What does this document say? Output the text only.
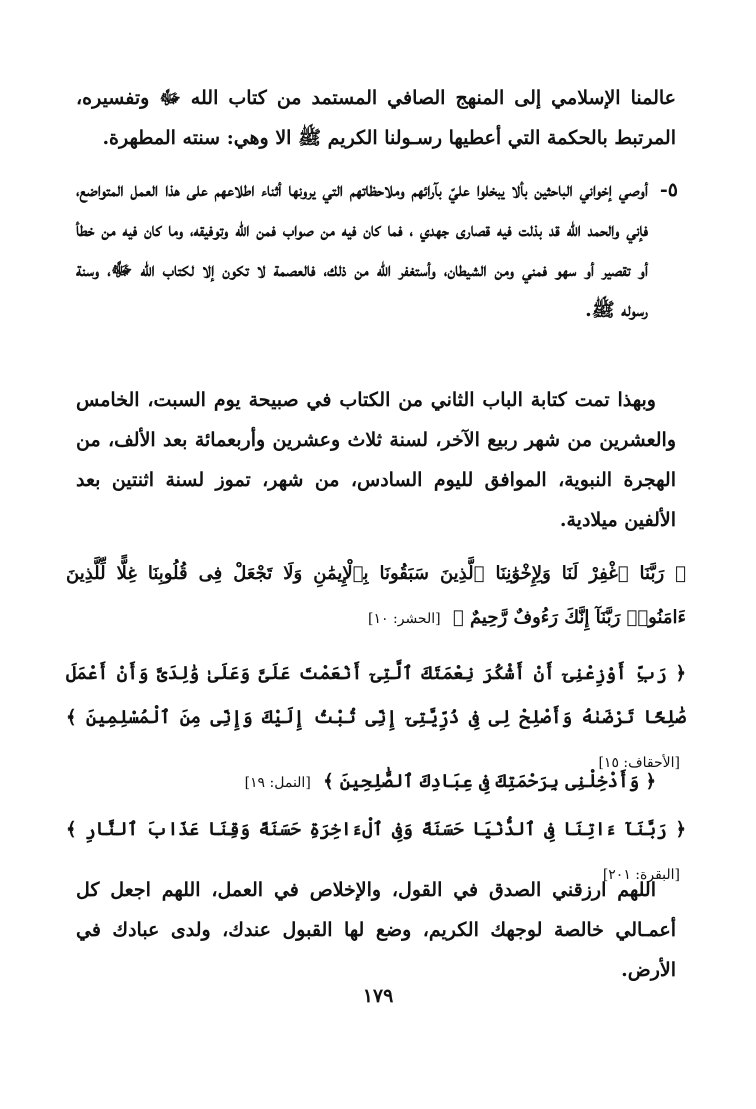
عالمنا الإسلامي إلى المنهج الصافي المستمد من كتاب الله ﷻ وتفسيره، المرتبط بالحكمة التي أعطيها رسـولنا الكريم ﷺ الا وهي: سنته المطهرة.

٥-

أوصي إخواني الباحثين بألا يبخلوا عليّ بآرائهم وملاحظاتهم التي يرونها أثناء اطلاعهم على هذا العمل المتواضع، فإني والحمد الله قد بذلت فيه قصارى جهدي ، فما كان فيه من صواب فمن الله وتوفيقه، وما كان فيه من خطأ أو تقصير أو سهو فمني ومن الشيطان، وأستغفر الله من ذلك، فالعصمة لا تكون إلا لكتاب الله ﷻ، وسنة رسوله ﷺ.

وبهذا تمت كتابة الباب الثاني من الكتاب في صبيحة يوم السبت، الخامس والعشرين من شهر ربيع الآخر، لسنة ثلاث وعشرين وأربعمائة بعد الألف، من الهجرة النبوية، الموافق لليوم السادس، من شهر، تموز لسنة اثنتين بعد الألفين ميلادية.

﴿ رَبَّنَا ٱغْفِرْ لَنَا وَلِإِخْوَٰنِنَا ٱلَّذِينَ سَبَقُونَا بِٱلْإِيمَٰنِ وَلَا تَجْعَلْ فِى قُلُوبِنَا غِلًّا لِّلَّذِينَ ءَامَنُوا۟ رَبَّنَآ إِنَّكَ رَءُوفٌ رَّحِيمٌ ﴾ [الحشر: ١٠]

﴿ رَبِّ أَوْزِعْنِىٓ أَنْ أَشْكُرَ نِعْمَتَكَ ٱلَّتِىٓ أَنْعَمْتَ عَلَىَّ وَعَلَىٰ وَٰلِدَىَّ وَأَنْ أَعْمَلَ صَٰلِحًا تَرْضَىٰهُ وَأَصْلِحْ لِى فِى ذُرِّيَّتِىٓ إِنِّى تُبْتُ إِلَيْكَ وَإِنِّى مِنَ ٱلْمُسْلِمِينَ ﴾ [الأحقاف: ١٥]

﴿ وَأَدْخِلْنِى بِرَحْمَتِكَ فِى عِبَادِكَ ٱلصَّٰلِحِينَ ﴾ [النمل: ١٩]

﴿ رَبَّنَآ ءَاتِنَا فِى ٱلدُّنْيَا حَسَنَةً وَفِى ٱلْءَاخِرَةِ حَسَنَةً وَقِنَا عَذَابَ ٱلنَّارِ ﴾ [البقرة: ٢٠١]

اللهم ارزقني الصدق في القول، والإخلاص في العمل، اللهم اجعل كل أعمـالي خالصة لوجهك الكريم، وضع لها القبول عندك، ولدى عبادك في الأرض.

١٧٩
